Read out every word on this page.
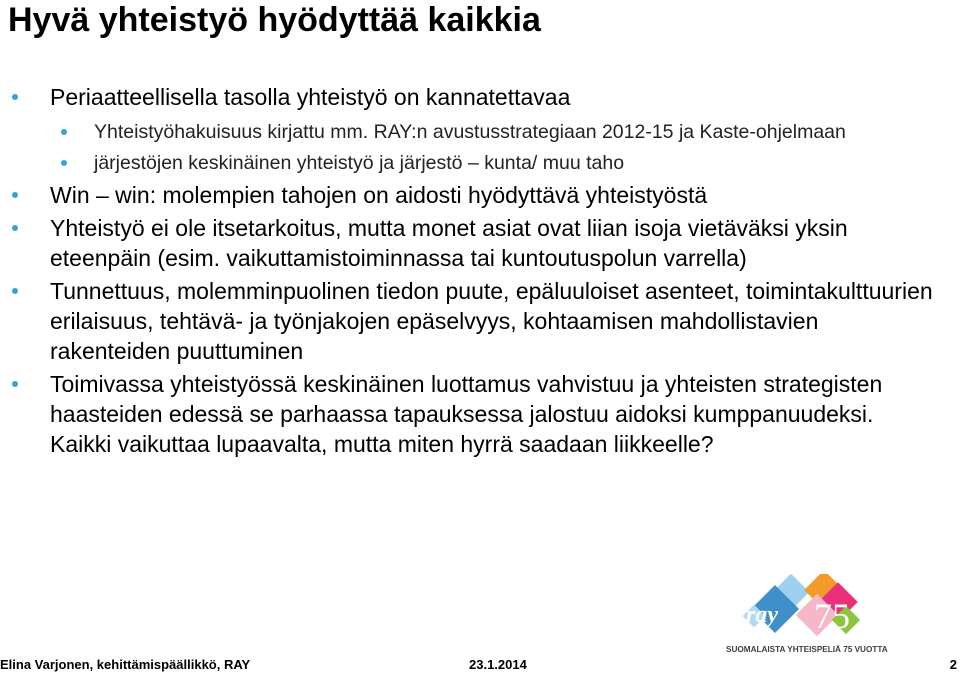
Hyvä yhteistyö hyödyttää kaikkia
Periaatteellisella tasolla yhteistyö on kannatettavaa
Yhteistyöhakuisuus kirjattu mm. RAY:n avustusstrategiaan 2012-15 ja Kaste-ohjelmaan
järjestöjen keskinäinen yhteistyö ja järjestö – kunta/ muu taho
Win – win: molempien tahojen on aidosti hyödyttävä yhteistyöstä
Yhteistyö ei ole itsetarkoitus, mutta monet asiat ovat liian isoja vietäväksi yksin eteenpäin (esim. vaikuttamistoiminnassa tai kuntoutuspolun varrella)
Tunnettuus, molemminpuolinen tiedon puute, epäluuloiset asenteet, toimintakulttuurien erilaisuus, tehtävä- ja työnjakojen epäselvyys, kohtaamisen mahdollistavien rakenteiden puuttuminen
Toimivassa yhteistyössä keskinäinen luottamus vahvistuu ja yhteisten strategisten haasteiden edessä se parhaassa tapauksessa jalostuu aidoksi kumppanuudeksi. Kaikki vaikuttaa lupaavalta, mutta miten hyrrä saadaan liikkeelle?
ray 75
SUOMALAISTA YHTEISPELIÄ 75 VUOTTA
Elina Varjonen, kehittämispäällikkö, RAY	23.1.2014	2
